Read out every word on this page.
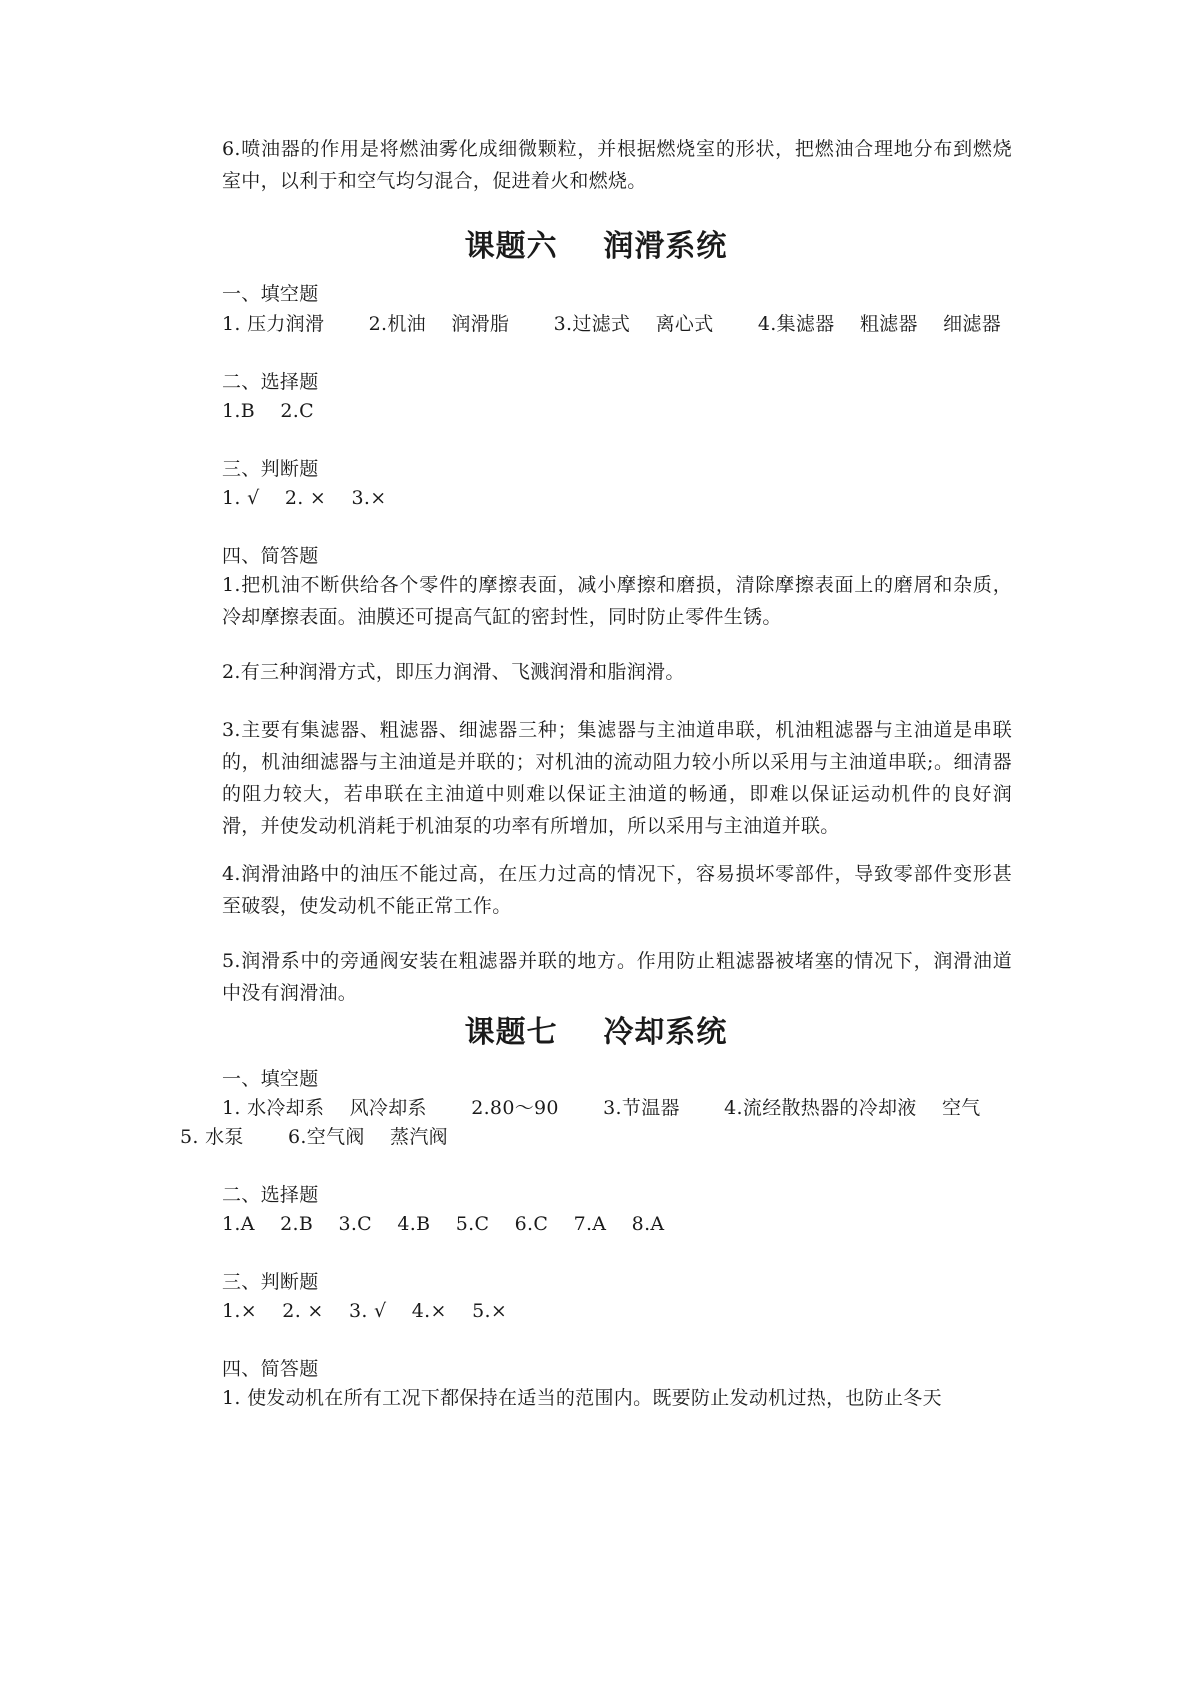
6.喷油器的作用是将燃油雾化成细微颗粒，并根据燃烧室的形状，把燃油合理地分布到燃烧室中，以利于和空气均匀混合，促进着火和燃烧。
课题六    润滑系统
一、填空题
1. 压力润滑       2.机油    润滑脂       3.过滤式    离心式       4.集滤器    粗滤器    细滤器
二、选择题
1.B    2.C
三、判断题
1. √    2. ×    3.×
四、简答题
1.把机油不断供给各个零件的摩擦表面，减小摩擦和磨损，清除摩擦表面上的磨屑和杂质，冷却摩擦表面。油膜还可提高气缸的密封性，同时防止零件生锈。
2.有三种润滑方式，即压力润滑、飞溅润滑和脂润滑。
3.主要有集滤器、粗滤器、细滤器三种；集滤器与主油道串联，机油粗滤器与主油道是串联的，机油细滤器与主油道是并联的；对机油的流动阻力较小所以采用与主油道串联;。细清器的阻力较大，若串联在主油道中则难以保证主油道的畅通，即难以保证运动机件的良好润滑，并使发动机消耗于机油泵的功率有所增加，所以采用与主油道并联。
4.润滑油路中的油压不能过高，在压力过高的情况下，容易损坏零部件，导致零部件变形甚至破裂，使发动机不能正常工作。
5.润滑系中的旁通阀安装在粗滤器并联的地方。作用防止粗滤器被堵塞的情况下，润滑油道中没有润滑油。
课题七    冷却系统
一、填空题
1. 水冷却系    风冷却系       2.80～90       3.节温器       4.流经散热器的冷却液    空气
5. 水泵       6.空气阀    蒸汽阀
二、选择题
1.A    2.B    3.C    4.B    5.C    6.C    7.A    8.A
三、判断题
1.×    2. ×    3. √    4.×    5.×
四、简答题
1. 使发动机在所有工况下都保持在适当的范围内。既要防止发动机过热，也防止冬天
